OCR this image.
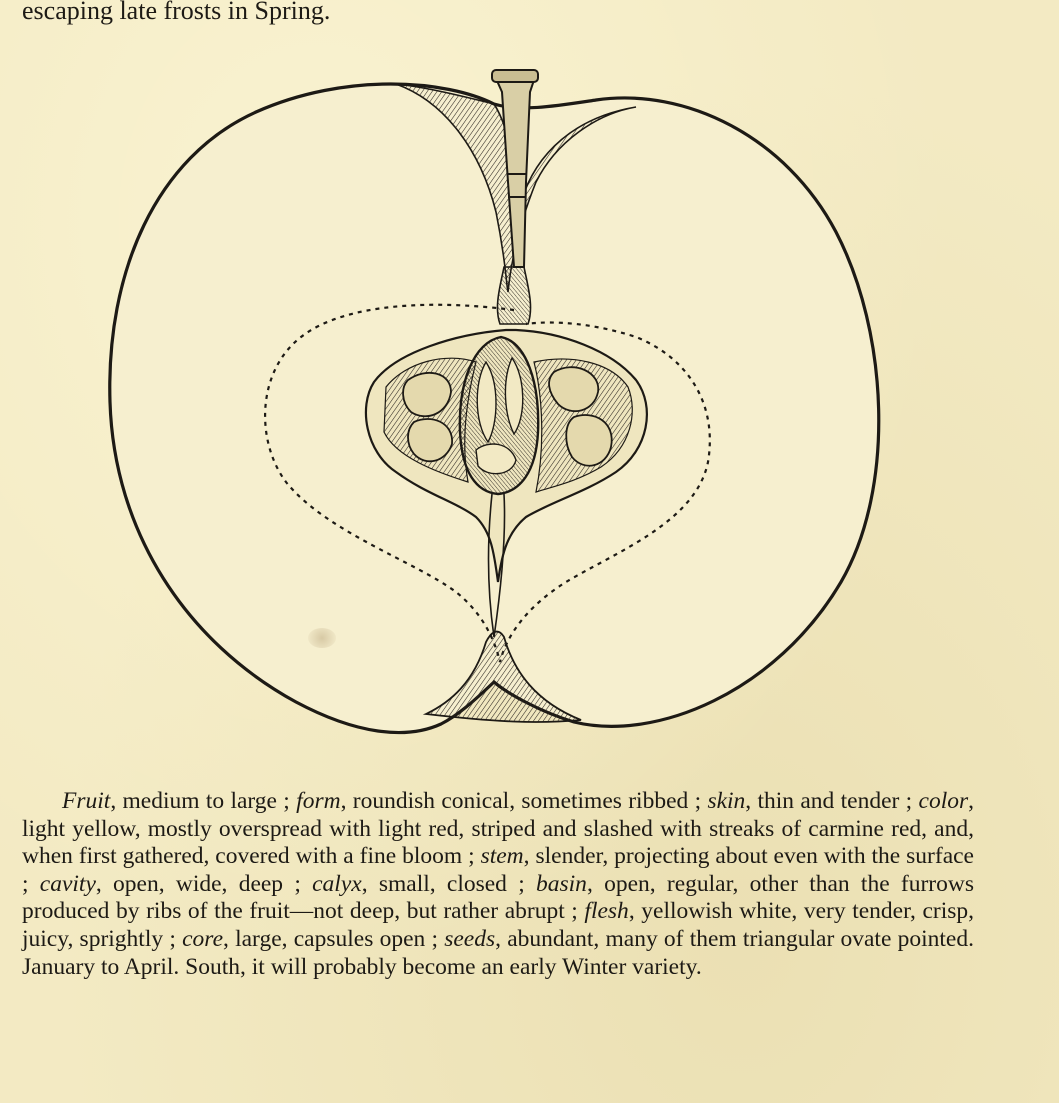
escaping late frosts in Spring.

Fruit, medium to large ; form, roundish conical, sometimes ribbed ; skin, thin and tender ; color, light yellow, mostly overspread with light red, striped and slashed with streaks of carmine red, and, when first gathered, covered with a fine bloom ; stem, slender, projecting about even with the surface ; cavity, open, wide, deep ; calyx, small, closed ; basin, open, regular, other than the furrows produced by ribs of the fruit—not deep, but rather abrupt ; flesh, yellowish white, very tender, crisp, juicy, sprightly ; core, large, capsules open ; seeds, abundant, many of them triangular ovate pointed. January to April. South, it will probably become an early Winter variety.
